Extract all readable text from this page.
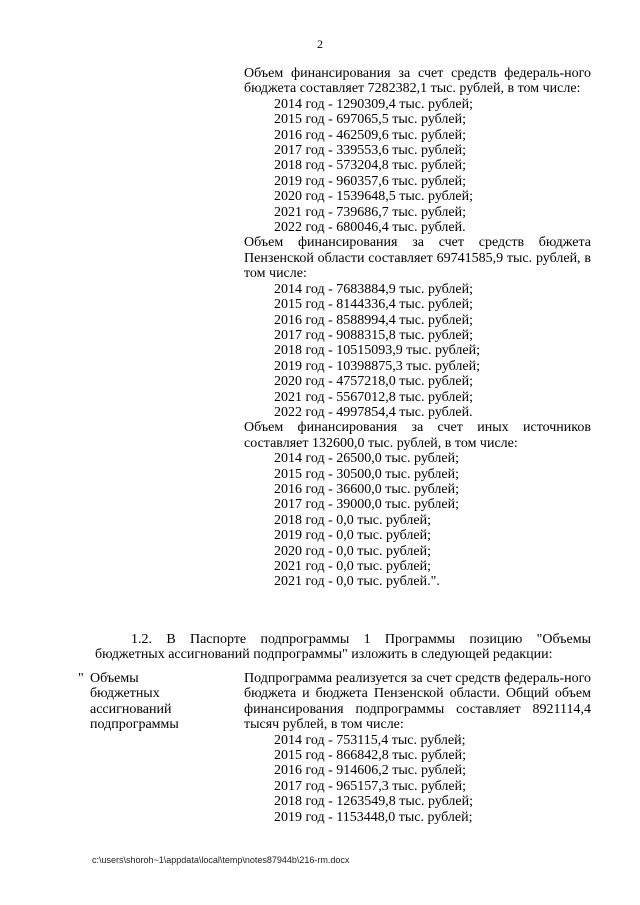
2
Объем финансирования за счет средств федераль-ного бюджета составляет 7282382,1 тыс. рублей, в том числе:
2014 год - 1290309,4 тыс. рублей;
2015 год - 697065,5 тыс. рублей;
2016 год - 462509,6 тыс. рублей;
2017 год - 339553,6 тыс. рублей;
2018 год - 573204,8 тыс. рублей;
2019 год - 960357,6 тыс. рублей;
2020 год - 1539648,5 тыс. рублей;
2021 год - 739686,7 тыс. рублей;
2022 год - 680046,4 тыс. рублей.
Объем финансирования за счет средств бюджета Пензенской области составляет 69741585,9 тыс. рублей, в том числе:
2014 год - 7683884,9 тыс. рублей;
2015 год - 8144336,4 тыс. рублей;
2016 год - 8588994,4 тыс. рублей;
2017 год - 9088315,8 тыс. рублей;
2018 год - 10515093,9 тыс. рублей;
2019 год - 10398875,3 тыс. рублей;
2020 год - 4757218,0 тыс. рублей;
2021 год - 5567012,8 тыс. рублей;
2022 год - 4997854,4 тыс. рублей.
Объем финансирования за счет иных источников составляет 132600,0 тыс. рублей, в том числе:
2014 год - 26500,0 тыс. рублей;
2015 год - 30500,0 тыс. рублей;
2016 год - 36600,0 тыс. рублей;
2017 год - 39000,0 тыс. рублей;
2018 год - 0,0 тыс. рублей;
2019 год - 0,0 тыс. рублей;
2020 год - 0,0 тыс. рублей;
2021 год - 0,0 тыс. рублей;
2021 год - 0,0 тыс. рублей.".
1.2. В Паспорте подпрограммы 1 Программы позицию "Объемы
бюджетных ассигнований подпрограммы" изложить в следующей редакции:
" Объемы
бюджетных
ассигнований
подпрограммы
Подпрограмма реализуется за счет средств федераль-ного бюджета и бюджета Пензенской области. Общий объем финансирования подпрограммы составляет 8921114,4 тысяч рублей, в том числе:
2014 год - 753115,4 тыс. рублей;
2015 год - 866842,8 тыс. рублей;
2016 год - 914606,2 тыс. рублей;
2017 год - 965157,3 тыс. рублей;
2018 год - 1263549,8 тыс. рублей;
2019 год - 1153448,0 тыс. рублей;
c:\users\shoroh~1\appdata\local\temp\notes87944b\216-rm.docx
